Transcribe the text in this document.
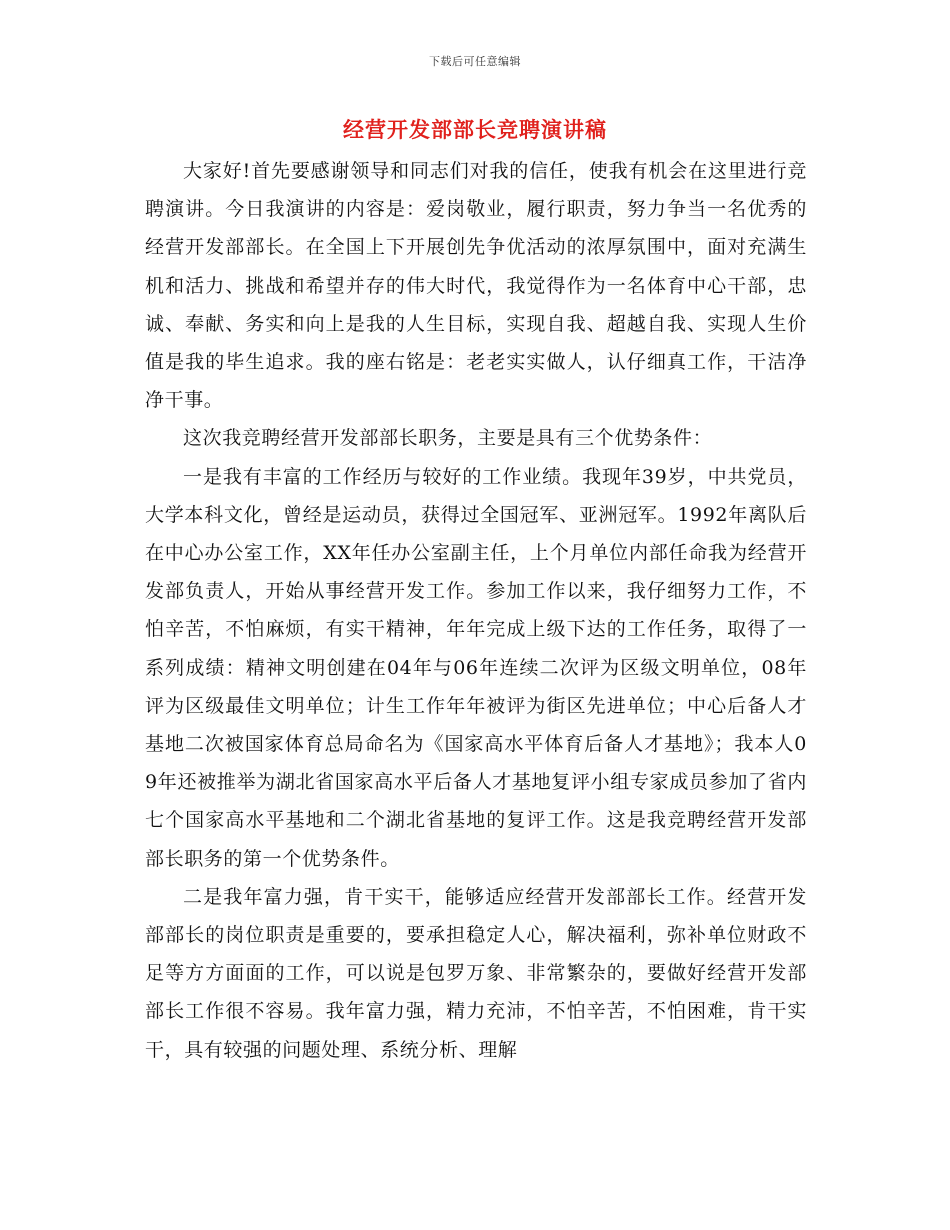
下载后可任意编辑
经营开发部部长竞聘演讲稿

大家好!首先要感谢领导和同志们对我的信任，使我有机会在这里进行竞聘演讲。今日我演讲的内容是：爱岗敬业，履行职责，努力争当一名优秀的经营开发部部长。在全国上下开展创先争优活动的浓厚氛围中，面对充满生机和活力、挑战和希望并存的伟大时代，我觉得作为一名体育中心干部，忠诚、奉献、务实和向上是我的人生目标，实现自我、超越自我、实现人生价值是我的毕生追求。我的座右铭是：老老实实做人，认仔细真工作，干洁净净干事。

这次我竞聘经营开发部部长职务，主要是具有三个优势条件：

一是我有丰富的工作经历与较好的工作业绩。我现年39岁，中共党员，大学本科文化，曾经是运动员，获得过全国冠军、亚洲冠军。1992年离队后在中心办公室工作，XX年任办公室副主任，上个月单位内部任命我为经营开发部负责人，开始从事经营开发工作。参加工作以来，我仔细努力工作，不怕辛苦，不怕麻烦，有实干精神，年年完成上级下达的工作任务，取得了一系列成绩：精神文明创建在04年与06年连续二次评为区级文明单位，08年评为区级最佳文明单位；计生工作年年被评为街区先进单位；中心后备人才基地二次被国家体育总局命名为《国家高水平体育后备人才基地》；我本人09年还被推举为湖北省国家高水平后备人才基地复评小组专家成员参加了省内七个国家高水平基地和二个湖北省基地的复评工作。这是我竞聘经营开发部部长职务的第一个优势条件。

二是我年富力强，肯干实干，能够适应经营开发部部长工作。经营开发部部长的岗位职责是重要的，要承担稳定人心，解决福利，弥补单位财政不足等方方面面的工作，可以说是包罗万象、非常繁杂的，要做好经营开发部部长工作很不容易。我年富力强，精力充沛，不怕辛苦，不怕困难，肯干实干，具有较强的问题处理、系统分析、理解
